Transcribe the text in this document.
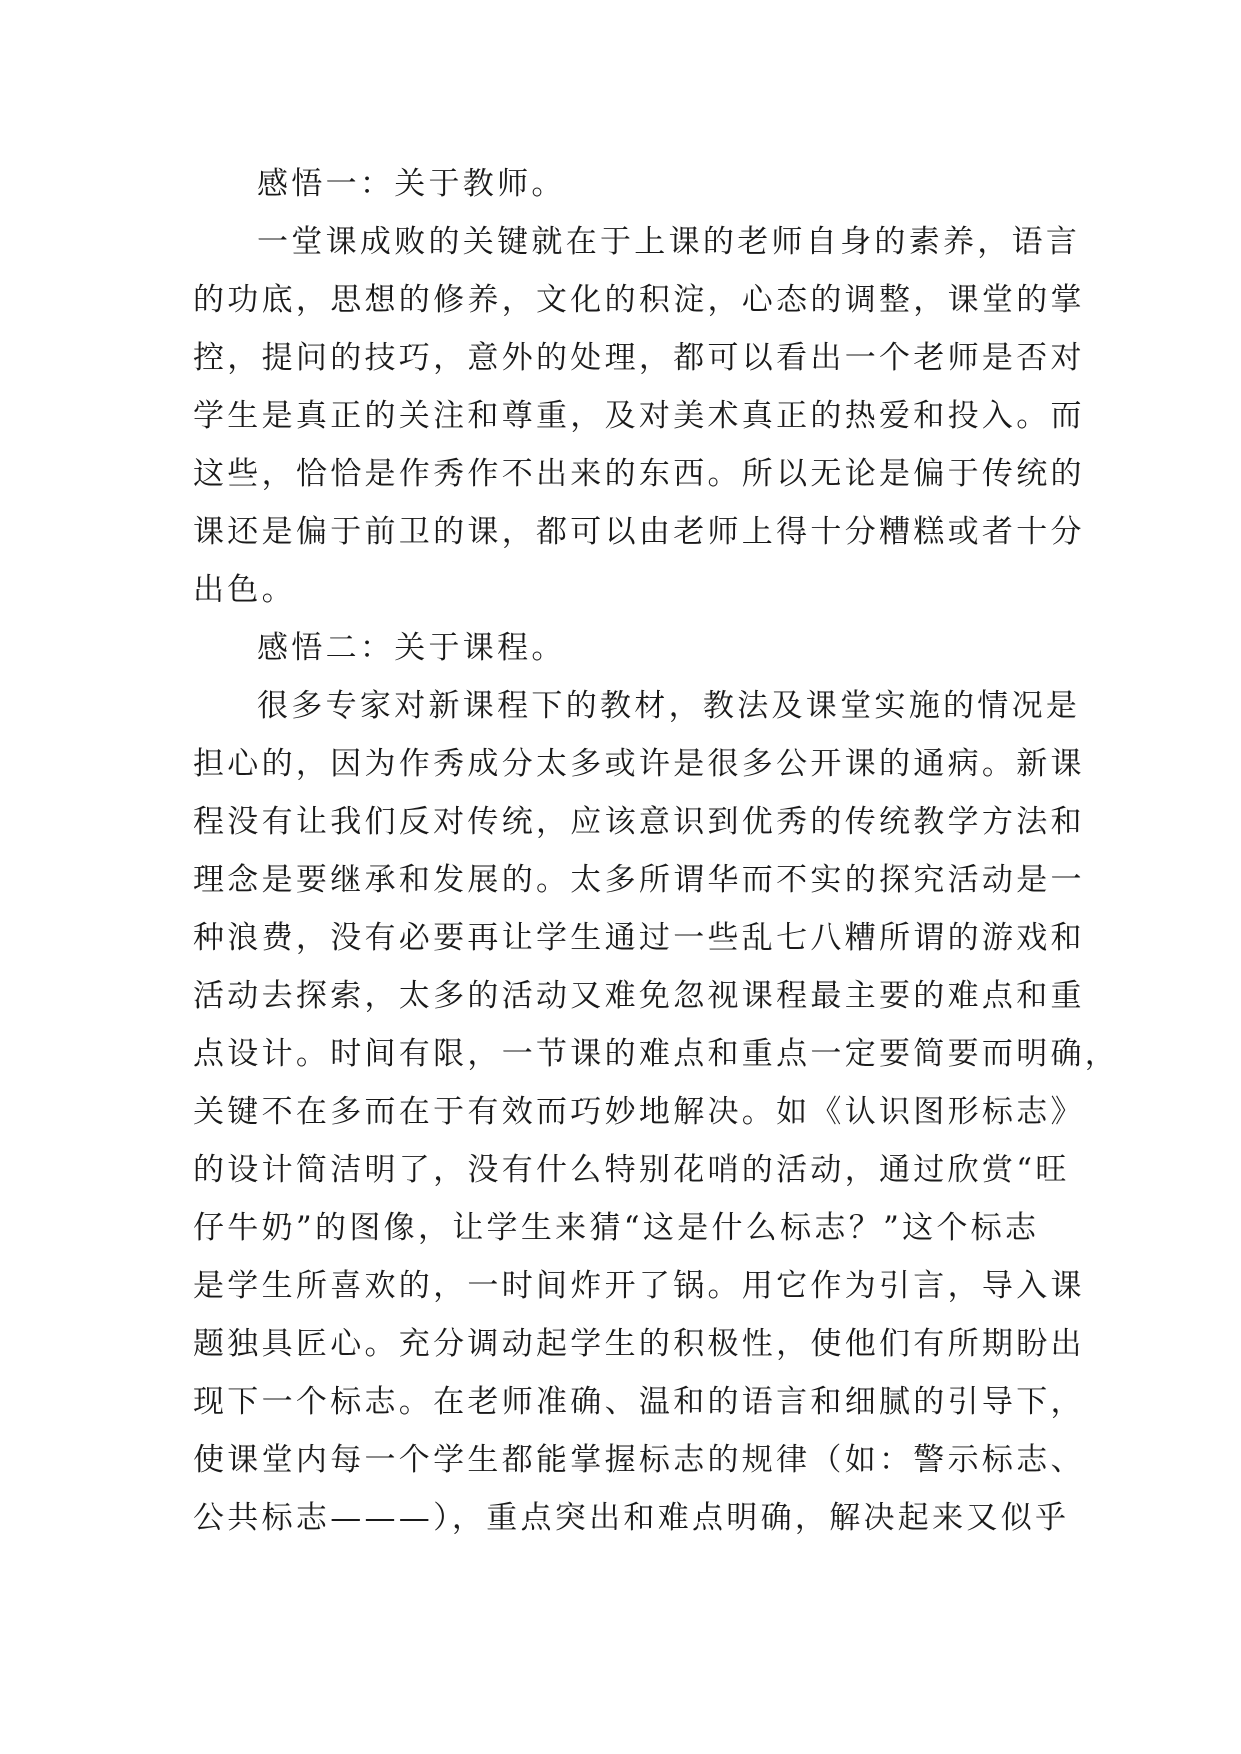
感悟一：关于教师。
一堂课成败的关键就在于上课的老师自身的素养，语言
的功底，思想的修养，文化的积淀，心态的调整，课堂的掌
控，提问的技巧，意外的处理，都可以看出一个老师是否对
学生是真正的关注和尊重，及对美术真正的热爱和投入。而
这些，恰恰是作秀作不出来的东西。所以无论是偏于传统的
课还是偏于前卫的课，都可以由老师上得十分糟糕或者十分
出色。
感悟二：关于课程。
很多专家对新课程下的教材，教法及课堂实施的情况是
担心的，因为作秀成分太多或许是很多公开课的通病。新课
程没有让我们反对传统，应该意识到优秀的传统教学方法和
理念是要继承和发展的。太多所谓华而不实的探究活动是一
种浪费，没有必要再让学生通过一些乱七八糟所谓的游戏和
活动去探索，太多的活动又难免忽视课程最主要的难点和重
点设计。时间有限，一节课的难点和重点一定要简要而明确，
关键不在多而在于有效而巧妙地解决。如《认识图形标志》
的设计简洁明了，没有什么特别花哨的活动，通过欣赏“旺
仔牛奶”的图像，让学生来猜“这是什么标志？”这个标志
是学生所喜欢的，一时间炸开了锅。用它作为引言，导入课
题独具匠心。充分调动起学生的积极性，使他们有所期盼出
现下一个标志。在老师准确、温和的语言和细腻的引导下，
使课堂内每一个学生都能掌握标志的规律（如：警示标志、
公共标志———），重点突出和难点明确，解决起来又似乎
